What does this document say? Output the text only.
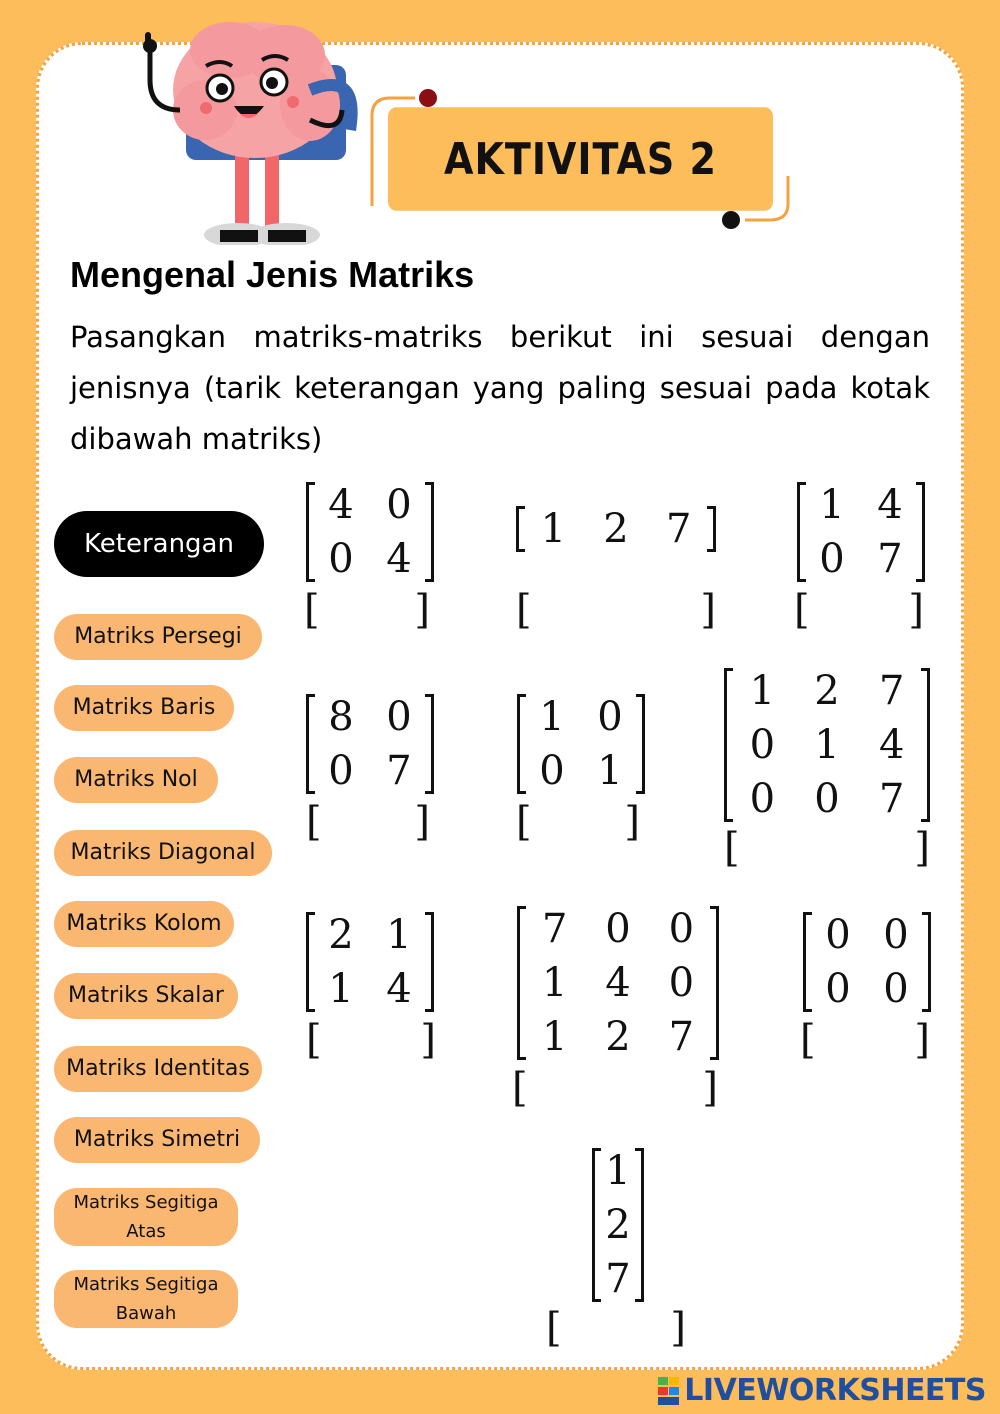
AKTIVITAS 2
Mengenal Jenis Matriks

Pasangkan matriks-matriks berikut ini sesuai dengan jenisnya (tarik keterangan yang paling sesuai pada kotak dibawah matriks)

Keterangan
Matriks Persegi
Matriks Baris
Matriks Nol
Matriks Diagonal
Matriks Kolom
Matriks Skalar
Matriks Identitas
Matriks Simetri
Matriks Segitiga Atas
Matriks Segitiga Bawah
4 0
0 4
1 2 7
1 4
0 7
8 0
0 7
1 0
0 1
1 2 7
0 1 4
0 0 7
2 1
1 4
7 0 0
1 4 0
1 2 7
0 0
0 0
1
2
7
[ ] [	] [ ]
[ ] [ ]
[	]
[ ]
[	]
[ ]
[	]
LIVEWORKSHEETS
